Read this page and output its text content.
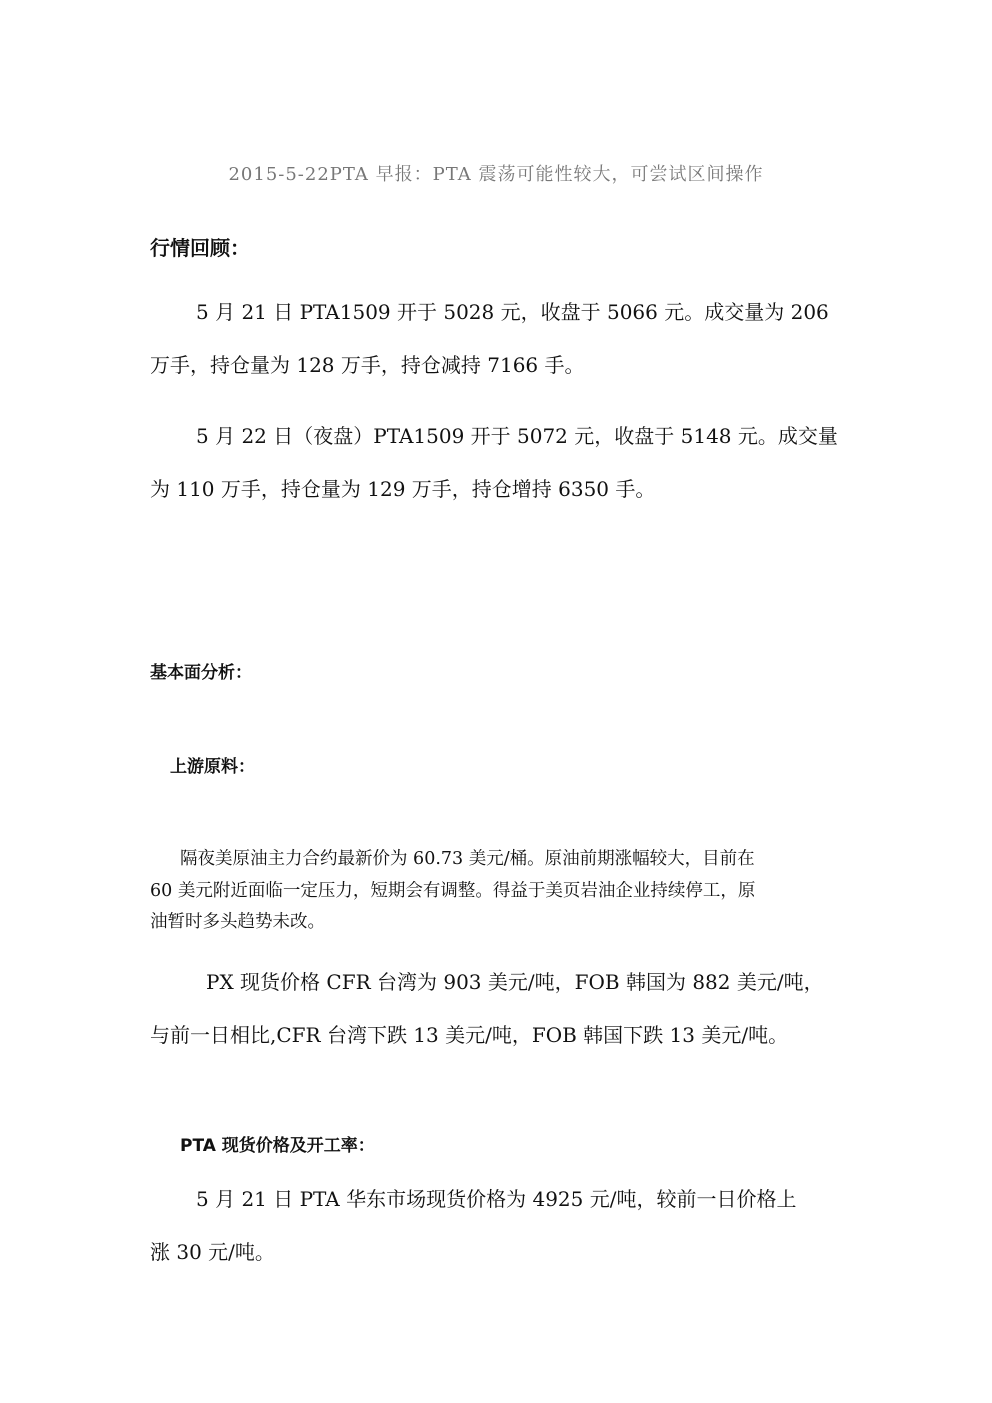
2015-5-22PTA 早报：PTA 震荡可能性较大，可尝试区间操作

行情回顾：

5 月 21 日 PTA1509 开于 5028 元，收盘于 5066 元。成交量为 206

万手，持仓量为 128 万手，持仓减持 7166 手。

5 月 22 日（夜盘）PTA1509 开于 5072 元，收盘于 5148 元。成交量

为 110 万手，持仓量为 129 万手，持仓增持 6350 手。

基本面分析：

上游原料：

隔夜美原油主力合约最新价为 60.73 美元/桶。原油前期涨幅较大，目前在

60 美元附近面临一定压力，短期会有调整。得益于美页岩油企业持续停工，原

油暂时多头趋势未改。

PX 现货价格 CFR 台湾为 903 美元/吨，FOB 韩国为 882 美元/吨，

与前一日相比,CFR 台湾下跌 13 美元/吨，FOB 韩国下跌 13 美元/吨。

PTA 现货价格及开工率：

5 月 21 日 PTA 华东市场现货价格为 4925 元/吨，较前一日价格上

涨 30 元/吨。
